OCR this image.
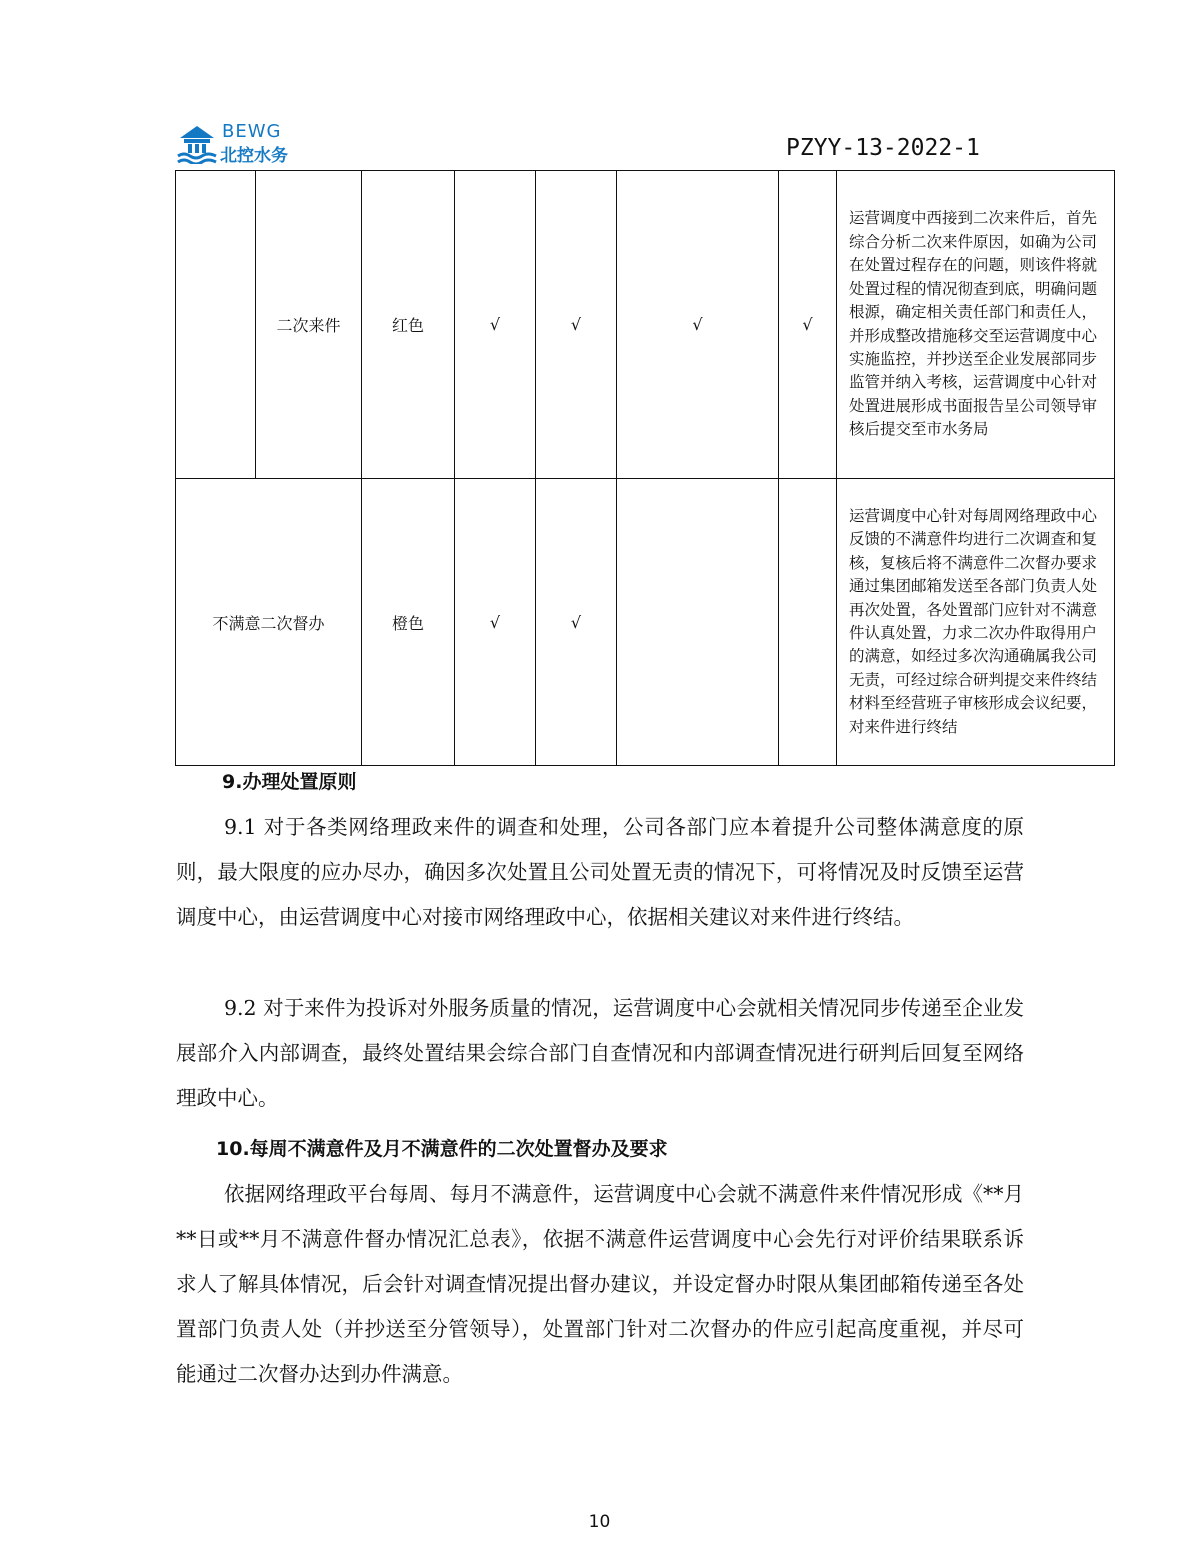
BEWG
北控水务	PZYY-13-2022-1
	二次来件	红色	√	√	√	√	运营调度中西接到二次来件后，首先综合分析二次来件原因，如确为公司在处置过程存在的问题，则该件将就处置过程的情况彻查到底，明确问题根源，确定相关责任部门和责任人，并形成整改措施移交至运营调度中心实施监控，并抄送至企业发展部同步监管并纳入考核，运营调度中心针对处置进展形成书面报告呈公司领导审核后提交至市水务局
不满意二次督办		橙色	√	√			运营调度中心针对每周网络理政中心反馈的不满意件均进行二次调查和复核，复核后将不满意件二次督办要求通过集团邮箱发送至各部门负责人处再次处置，各处置部门应针对不满意件认真处置，力求二次办件取得用户的满意，如经过多次沟通确属我公司无责，可经过综合研判提交来件终结材料至经营班子审核形成会议纪要，对来件进行终结
9.办理处置原则
9.1 对于各类网络理政来件的调查和处理，公司各部门应本着提升公司整体满意度的原则，最大限度的应办尽办，确因多次处置且公司处置无责的情况下，可将情况及时反馈至运营调度中心，由运营调度中心对接市网络理政中心，依据相关建议对来件进行终结。
9.2 对于来件为投诉对外服务质量的情况，运营调度中心会就相关情况同步传递至企业发展部介入内部调查，最终处置结果会综合部门自查情况和内部调查情况进行研判后回复至网络理政中心。
10.每周不满意件及月不满意件的二次处置督办及要求
依据网络理政平台每周、每月不满意件，运营调度中心会就不满意件来件情况形成《**月**日或**月不满意件督办情况汇总表》，依据不满意件运营调度中心会先行对评价结果联系诉求人了解具体情况，后会针对调查情况提出督办建议，并设定督办时限从集团邮箱传递至各处置部门负责人处（并抄送至分管领导），处置部门针对二次督办的件应引起高度重视，并尽可能通过二次督办达到办件满意。
10
